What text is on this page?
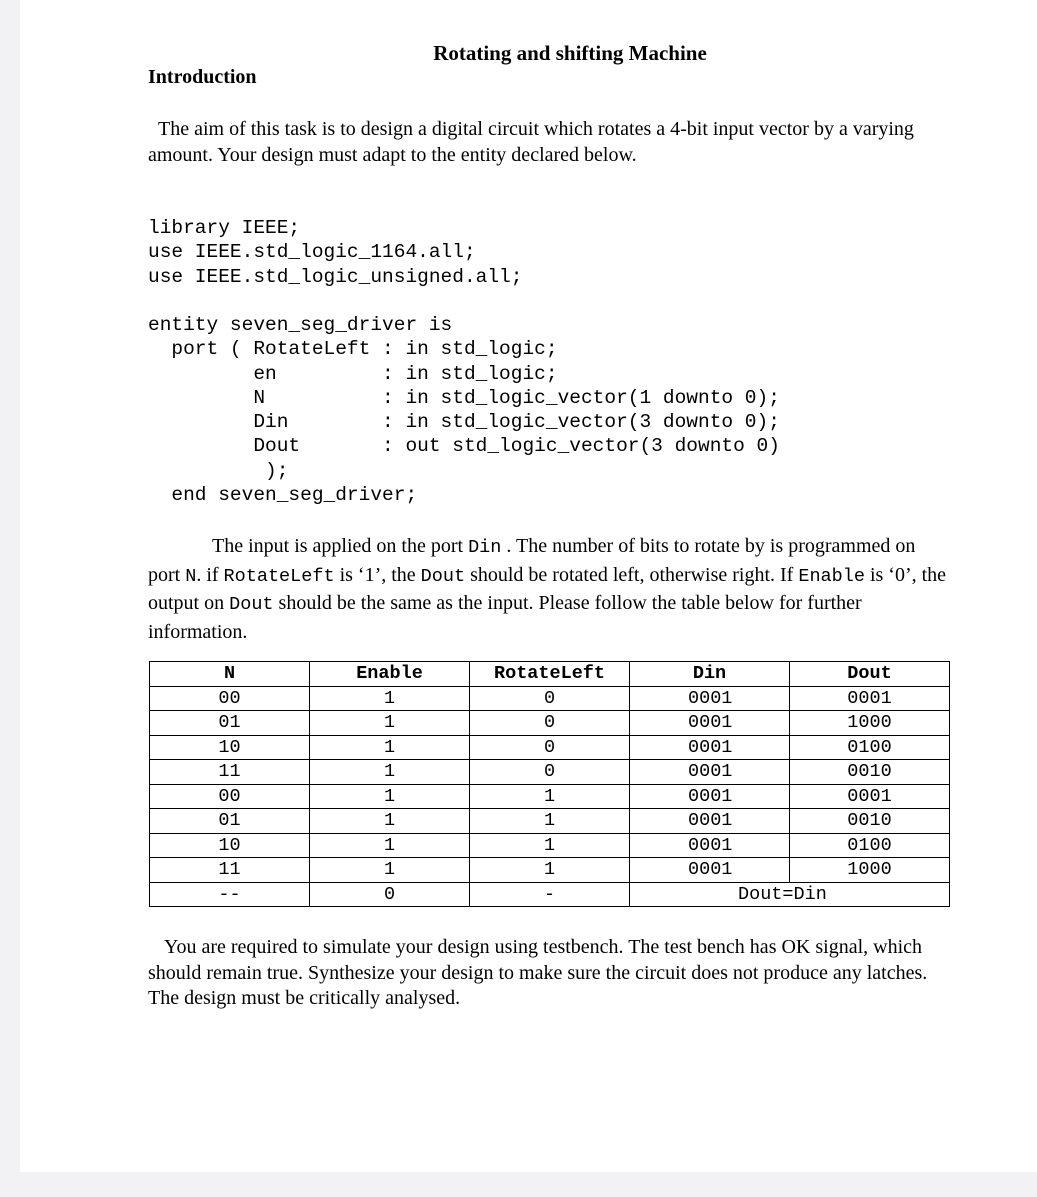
Rotating and shifting Machine
Introduction
The aim of this task is to design a digital circuit which rotates a 4-bit input vector by a varying amount. Your design must adapt to the entity declared below.
library IEEE;
use IEEE.std_logic_1164.all;
use IEEE.std_logic_unsigned.all;
entity seven_seg_driver is
port ( RotateLeft : in std_logic;
en         : in std_logic;
N          : in std_logic_vector(1 downto 0);
Din        : in std_logic_vector(3 downto 0);
Dout       : out std_logic_vector(3 downto 0)
);
end seven_seg_driver;
The input is applied on the port Din . The number of bits to rotate by is programmed on port N. if RotateLeft is ‘1’, the Dout should be rotated left, otherwise right. If Enable is ‘0’, the output on Dout should be the same as the input. Please follow the table below for further information.
N	Enable	RotateLeft	Din	Dout
00	1	0	0001	0001
01	1	0	0001	1000
10	1	0	0001	0100
11	1	0	0001	0010
00	1	1	0001	0001
01	1	1	0001	0010
10	1	1	0001	0100
11	1	1	0001	1000
--	0	-	Dout=Din	
You are required to simulate your design using testbench. The test bench has OK signal, which should remain true. Synthesize your design to make sure the circuit does not produce any latches. The design must be critically analysed.
